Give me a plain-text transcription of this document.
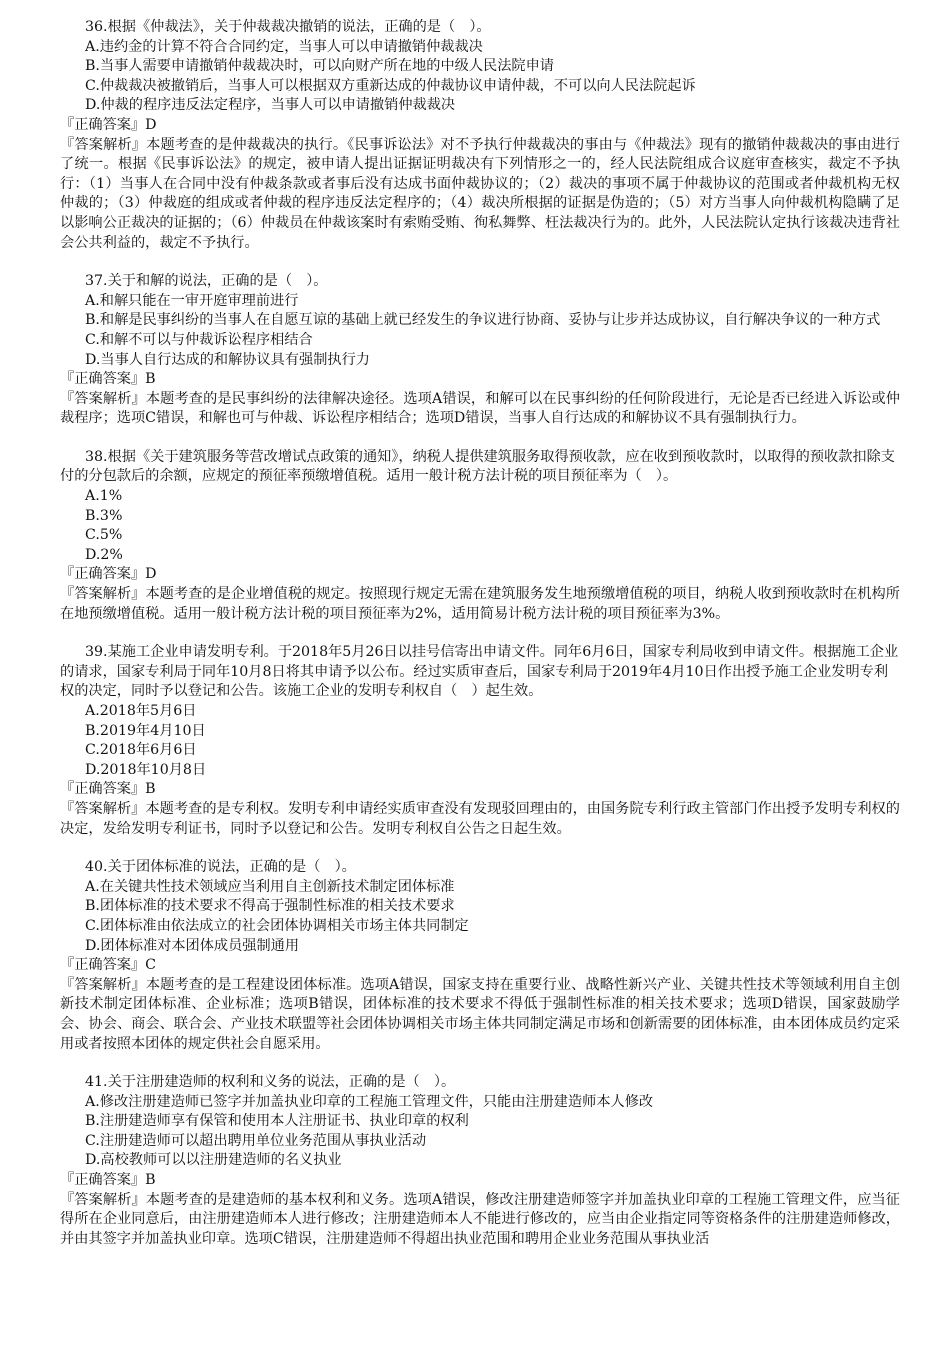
36.根据《仲裁法》，关于仲裁裁决撤销的说法，正确的是（　）。

A.违约金的计算不符合合同约定，当事人可以申请撤销仲裁裁决

B.当事人需要申请撤销仲裁裁决时，可以向财产所在地的中级人民法院申请

C.仲裁裁决被撤销后，当事人可以根据双方重新达成的仲裁协议申请仲裁，不可以向人民法院起诉

D.仲裁的程序违反法定程序，当事人可以申请撤销仲裁裁决

『正确答案』D

『答案解析』本题考查的是仲裁裁决的执行。《民事诉讼法》对不予执行仲裁裁决的事由与《仲裁法》现有的撤销仲裁裁决的事由进行了统一。根据《民事诉讼法》的规定，被申请人提出证据证明裁决有下列情形之一的，经人民法院组成合议庭审查核实，裁定不予执行：（1）当事人在合同中没有仲裁条款或者事后没有达成书面仲裁协议的；（2）裁决的事项不属于仲裁协议的范围或者仲裁机构无权仲裁的；（3）仲裁庭的组成或者仲裁的程序违反法定程序的；（4）裁决所根据的证据是伪造的；（5）对方当事人向仲裁机构隐瞒了足以影响公正裁决的证据的；（6）仲裁员在仲裁该案时有索贿受贿、徇私舞弊、枉法裁决行为的。此外，人民法院认定执行该裁决违背社会公共利益的，裁定不予执行。

37.关于和解的说法，正确的是（　）。

A.和解只能在一审开庭审理前进行

B.和解是民事纠纷的当事人在自愿互谅的基础上就已经发生的争议进行协商、妥协与让步并达成协议，自行解决争议的一种方式

C.和解不可以与仲裁诉讼程序相结合

D.当事人自行达成的和解协议具有强制执行力

『正确答案』B

『答案解析』本题考查的是民事纠纷的法律解决途径。选项A错误，和解可以在民事纠纷的任何阶段进行，无论是否已经进入诉讼或仲裁程序；选项C错误，和解也可与仲裁、诉讼程序相结合；选项D错误，当事人自行达成的和解协议不具有强制执行力。

38.根据《关于建筑服务等营改增试点政策的通知》，纳税人提供建筑服务取得预收款，应在收到预收款时，以取得的预收款扣除支付的分包款后的余额，应规定的预征率预缴增值税。适用一般计税方法计税的项目预征率为（　）。

A.1%

B.3%

C.5%

D.2%

『正确答案』D

『答案解析』本题考查的是企业增值税的规定。按照现行规定无需在建筑服务发生地预缴增值税的项目，纳税人收到预收款时在机构所在地预缴增值税。适用一般计税方法计税的项目预征率为2%，适用简易计税方法计税的项目预征率为3%。

39.某施工企业申请发明专利。于2018年5月26日以挂号信寄出申请文件。同年6月6日，国家专利局收到申请文件。根据施工企业的请求，国家专利局于同年10月8日将其申请予以公布。经过实质审查后，国家专利局于2019年4月10日作出授予施工企业发明专利权的决定，同时予以登记和公告。该施工企业的发明专利权自（　）起生效。

A.2018年5月6日

B.2019年4月10日

C.2018年6月6日

D.2018年10月8日

『正确答案』B

『答案解析』本题考查的是专利权。发明专利申请经实质审查没有发现驳回理由的，由国务院专利行政主管部门作出授予发明专利权的决定，发给发明专利证书，同时予以登记和公告。发明专利权自公告之日起生效。

40.关于团体标准的说法，正确的是（　）。

A.在关键共性技术领域应当利用自主创新技术制定团体标准

B.团体标准的技术要求不得高于强制性标准的相关技术要求

C.团体标准由依法成立的社会团体协调相关市场主体共同制定

D.团体标准对本团体成员强制通用

『正确答案』C

『答案解析』本题考查的是工程建设团体标准。选项A错误，国家支持在重要行业、战略性新兴产业、关键共性技术等领域利用自主创新技术制定团体标准、企业标准；选项B错误，团体标准的技术要求不得低于强制性标准的相关技术要求；选项D错误，国家鼓励学会、协会、商会、联合会、产业技术联盟等社会团体协调相关市场主体共同制定满足市场和创新需要的团体标准，由本团体成员约定采用或者按照本团体的规定供社会自愿采用。

41.关于注册建造师的权利和义务的说法，正确的是（　）。

A.修改注册建造师已签字并加盖执业印章的工程施工管理文件，只能由注册建造师本人修改

B.注册建造师享有保管和使用本人注册证书、执业印章的权利

C.注册建造师可以超出聘用单位业务范围从事执业活动

D.高校教师可以以注册建造师的名义执业

『正确答案』B

『答案解析』本题考查的是建造师的基本权利和义务。选项A错误，修改注册建造师签字并加盖执业印章的工程施工管理文件，应当征得所在企业同意后，由注册建造师本人进行修改；注册建造师本人不能进行修改的，应当由企业指定同等资格条件的注册建造师修改，并由其签字并加盖执业印章。选项C错误，注册建造师不得超出执业范围和聘用企业业务范围从事执业活
